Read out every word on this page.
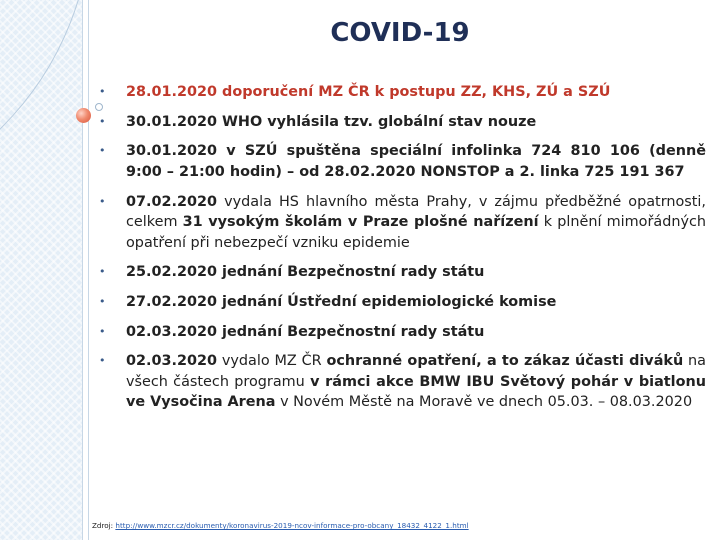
COVID-19
• 28.01.2020 doporučení MZ ČR k postupu ZZ, KHS, ZÚ a SZÚ
• 30.01.2020 WHO vyhlásila tzv. globální stav nouze
• 30.01.2020 v SZÚ spuštěna speciální infolinka 724 810 106 (denně 9:00 – 21:00 hodin) – od 28.02.2020 NONSTOP a 2. linka 725 191 367
• 07.02.2020 vydala HS hlavního města Prahy, v zájmu předběžné opatrnosti, celkem 31 vysokým školám v Praze plošné nařízení k plnění mimořádných opatření při nebezpečí vzniku epidemie
• 25.02.2020 jednání Bezpečnostní rady státu
• 27.02.2020 jednání Ústřední epidemiologické komise
• 02.03.2020 jednání Bezpečnostní rady státu
• 02.03.2020 vydalo MZ ČR ochranné opatření, a to zákaz účasti diváků na všech částech programu v rámci akce BMW IBU Světový pohár v biatlonu ve Vysočina Arena v Novém Městě na Moravě ve dnech 05.03. – 08.03.2020
Zdroj: http://www.mzcr.cz/dokumenty/koronavirus-2019-ncov-informace-pro-obcany_18432_4122_1.html
